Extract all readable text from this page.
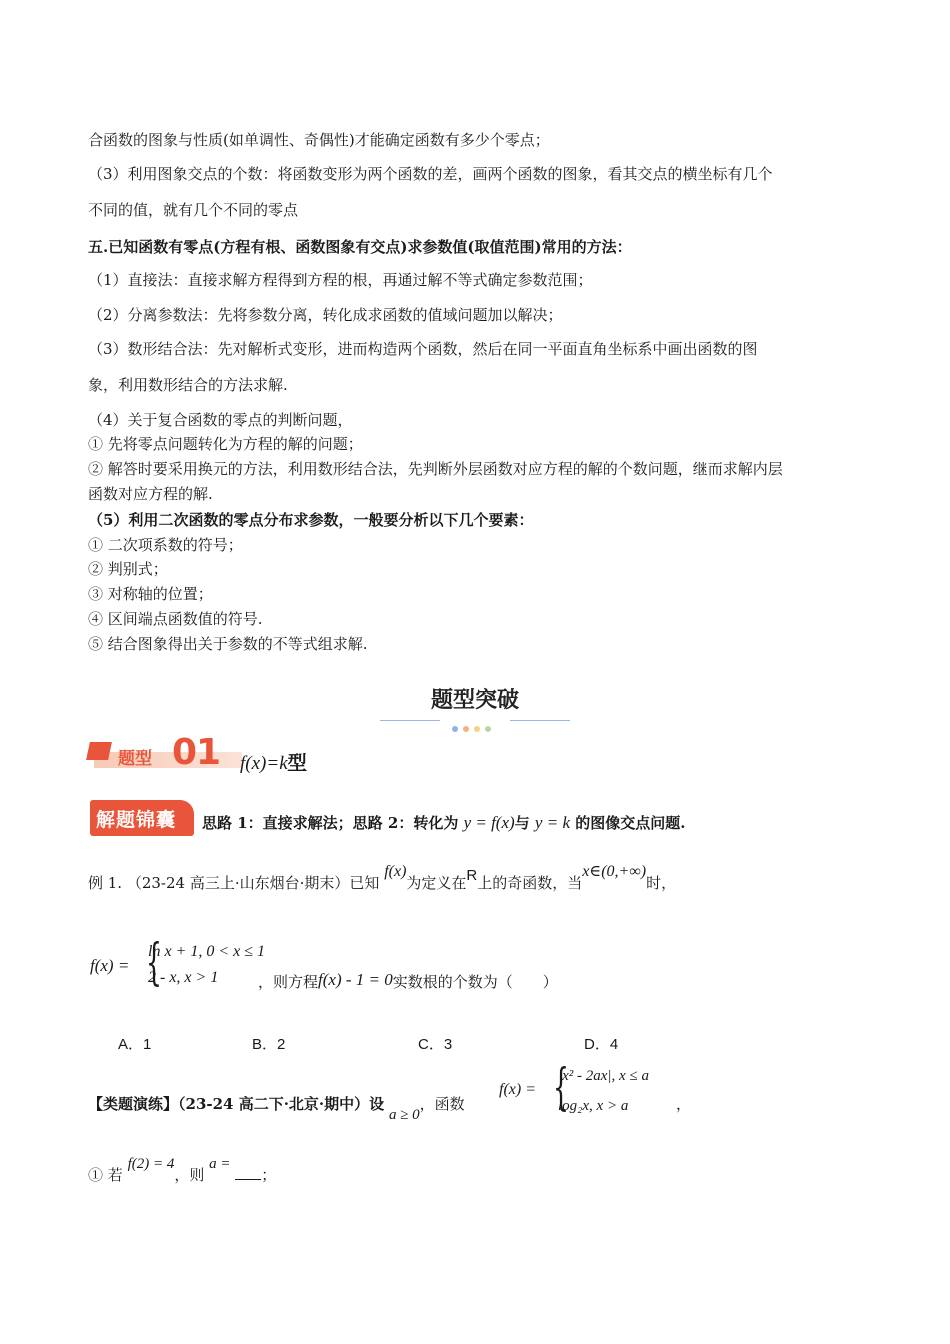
合函数的图象与性质(如单调性、奇偶性)才能确定函数有多少个零点；
（3）利用图象交点的个数：将函数变形为两个函数的差，画两个函数的图象，看其交点的横坐标有几个
不同的值，就有几个不同的零点
五.已知函数有零点(方程有根、函数图象有交点)求参数值(取值范围)常用的方法：
（1）直接法：直接求解方程得到方程的根，再通过解不等式确定参数范围；
（2）分离参数法：先将参数分离，转化成求函数的值域问题加以解决；
（3）数形结合法：先对解析式变形，进而构造两个函数，然后在同一平面直角坐标系中画出函数的图
象，利用数形结合的方法求解.
（4）关于复合函数的零点的判断问题，
① 先将零点问题转化为方程的解的问题；
② 解答时要采用换元的方法，利用数形结合法，先判断外层函数对应方程的解的个数问题，继而求解内层
函数对应方程的解.
（5）利用二次函数的零点分布求参数，一般要分析以下几个要素：
① 二次项系数的符号；
② 判别式；
③ 对称轴的位置；
④ 区间端点函数值的符号.
⑤ 结合图象得出关于参数的不等式组求解.
题型突破
题型 01 f(x)=k型
解题锦囊 思路 1：直接求解法；思路 2：转化为 y = f(x)与 y = k 的图像交点问题.
例 1. （23-24 高三上·山东烟台·期末）已知 f(x)为定义在R上的奇函数，当x∈(0,+∞)时，
f(x) = {
ln x + 1, 0 < x ≤ 1
2 - x, x > 1	，则方程f(x) - 1 = 0实数根的个数为（　　）
A．1	B．2	C．3	D．4
【类题演练】（23-24 高二下·北京·期中）设 a ≥ 0，函数
f(x) = {
|x² - 2ax|, x ≤ a
log₂x, x > a	，
① 若 f(2) = 4，则 a = ；
